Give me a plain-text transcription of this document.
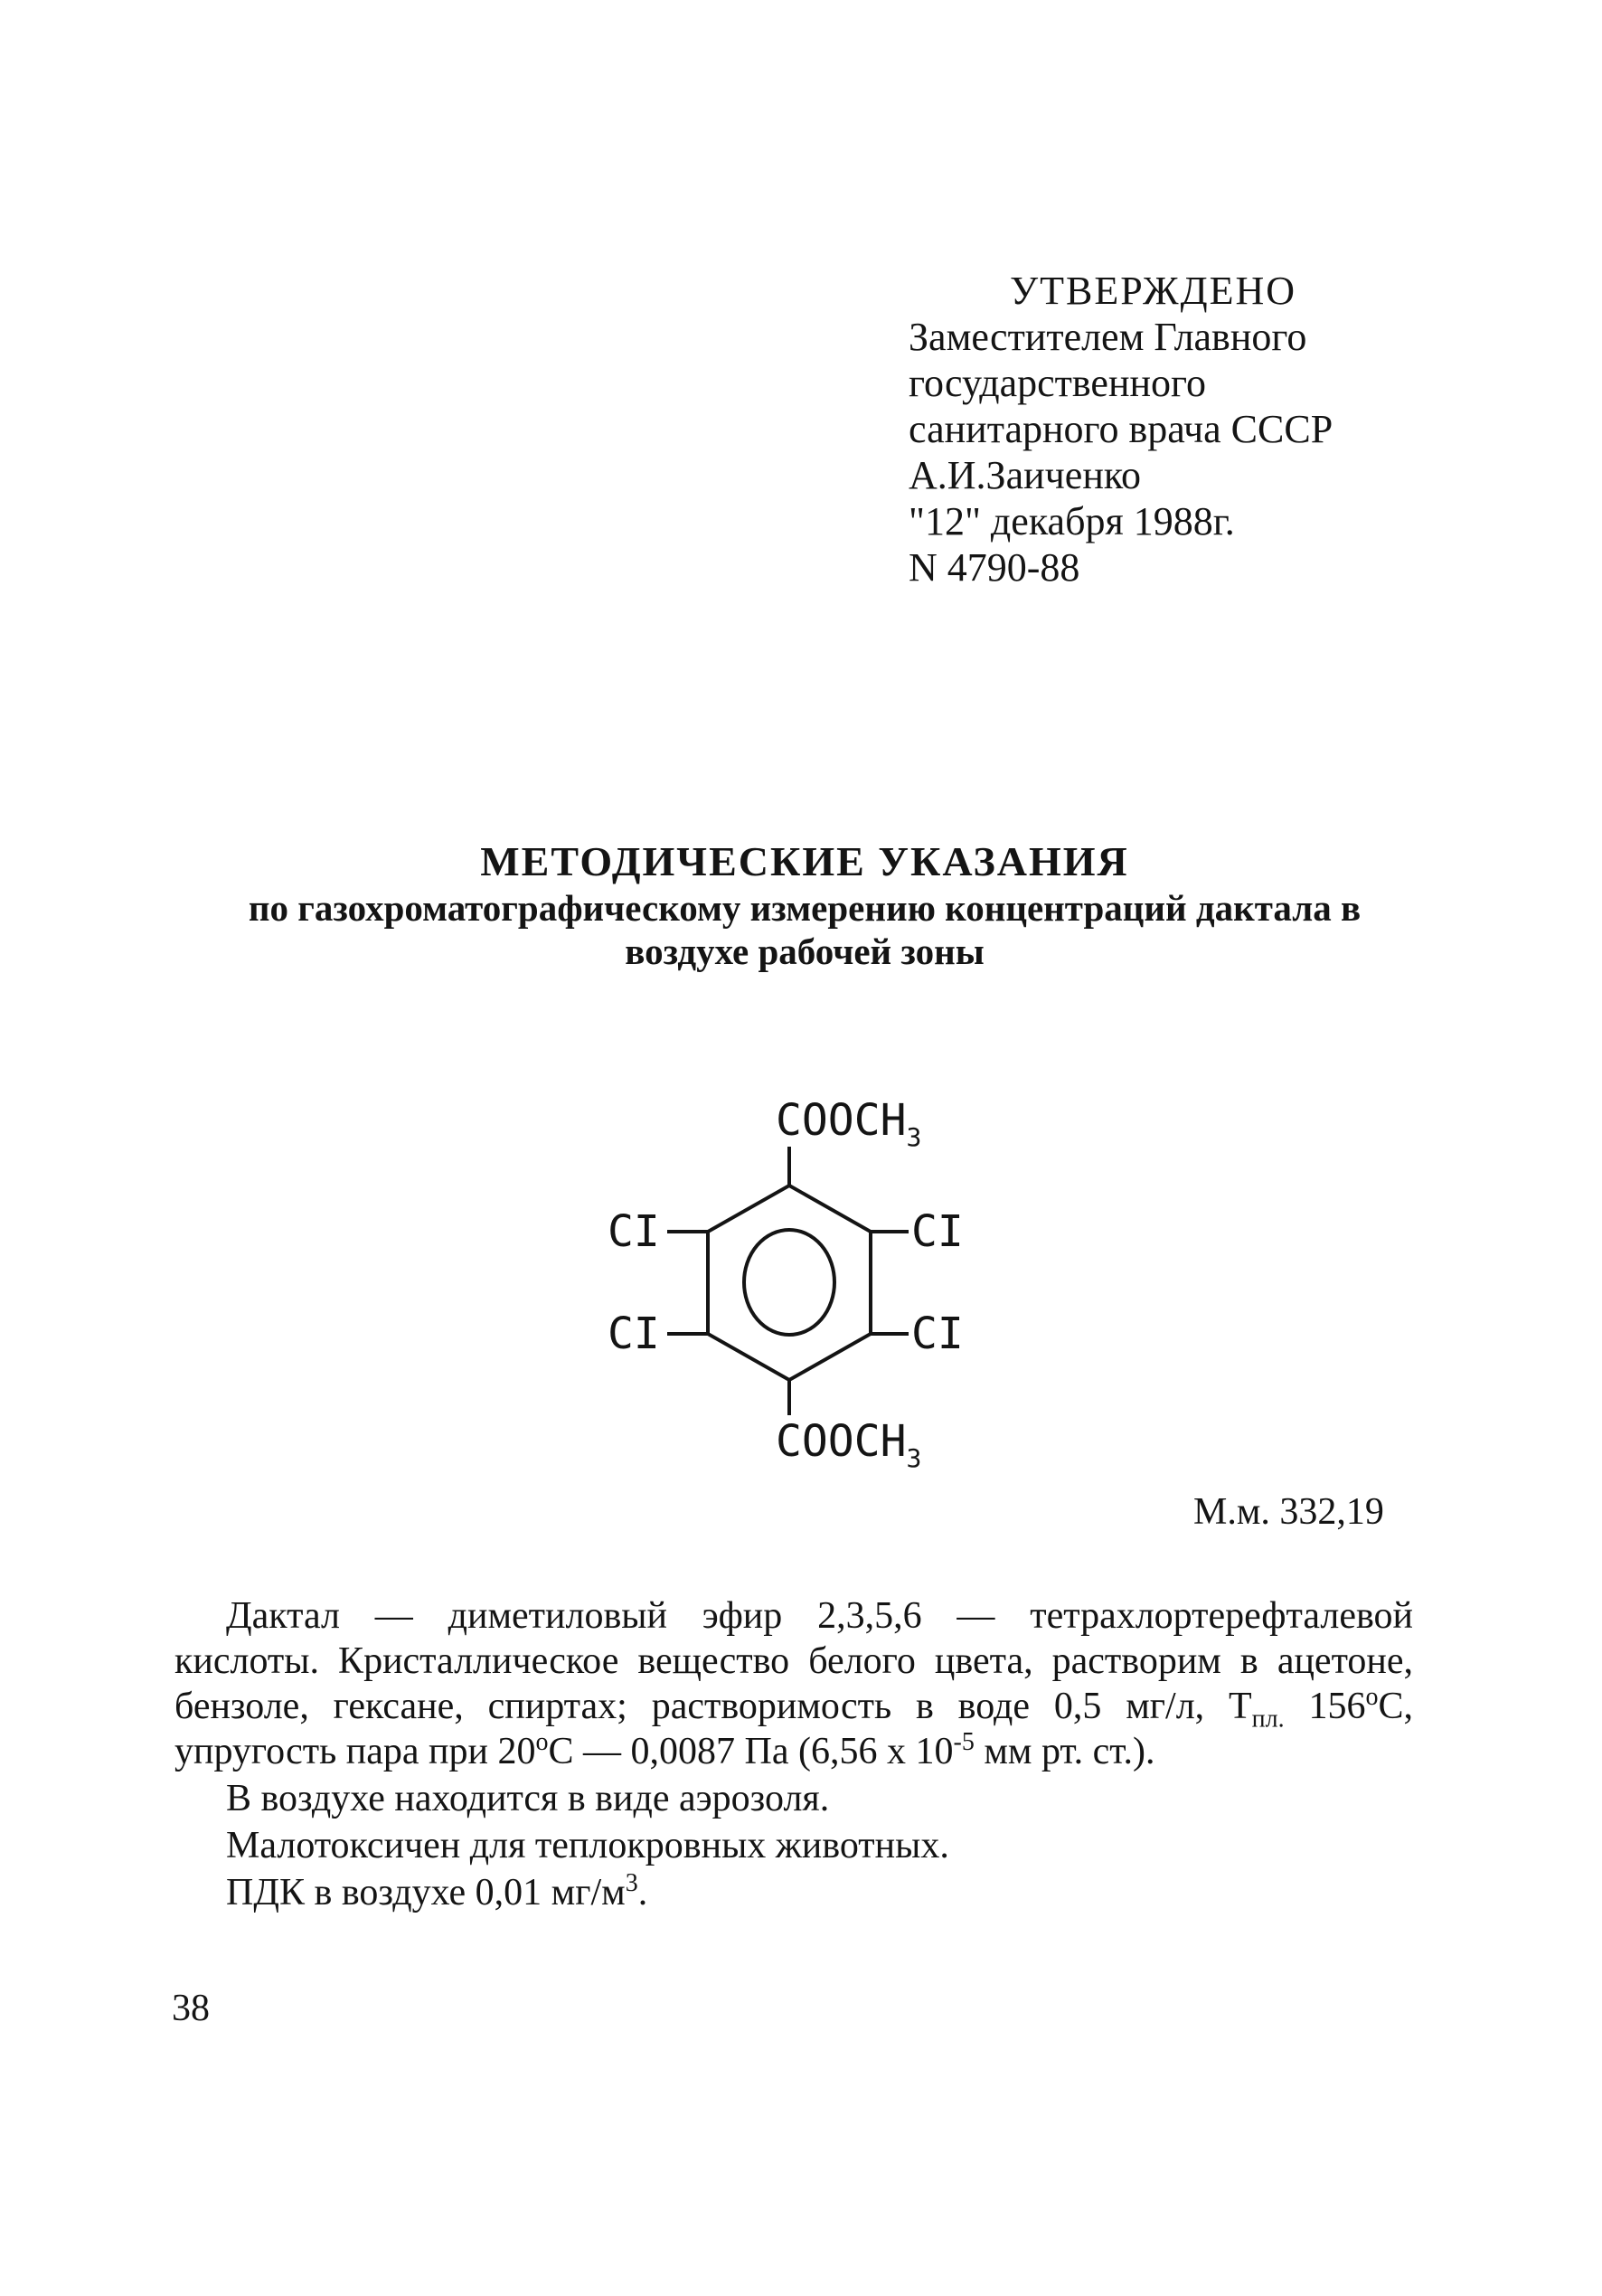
УТВЕРЖДЕНО
Заместителем Главного
государственного
санитарного врача СССР
А.И.Заиченко
"12" декабря 1988г.
N 4790-88
МЕТОДИЧЕСКИЕ УКАЗАНИЯ
по газохроматографическому измерению концентраций дактала в
воздухе рабочей зоны
$COOCH_3$
CI
CI
CI
CI
$COOCH_3$
М.м. 332,19

Дактал — диметиловый эфир 2,3,5,6 — тетрахлортерефталевой кислоты. Кристаллическое вещество белого цвета, растворим в ацетоне, бензоле, гексане, спиртах; растворимость в воде 0,5 мг/л, $Т_{пл.}$ $156^оС$, упругость пара при $20^оС$ — 0,0087 Па (6,56 x $10^{-5}$ мм рт. ст.).

В воздухе находится в виде аэрозоля.

Малотоксичен для теплокровных животных.

ПДК в воздухе 0,01 $мг/м^3$.

38
